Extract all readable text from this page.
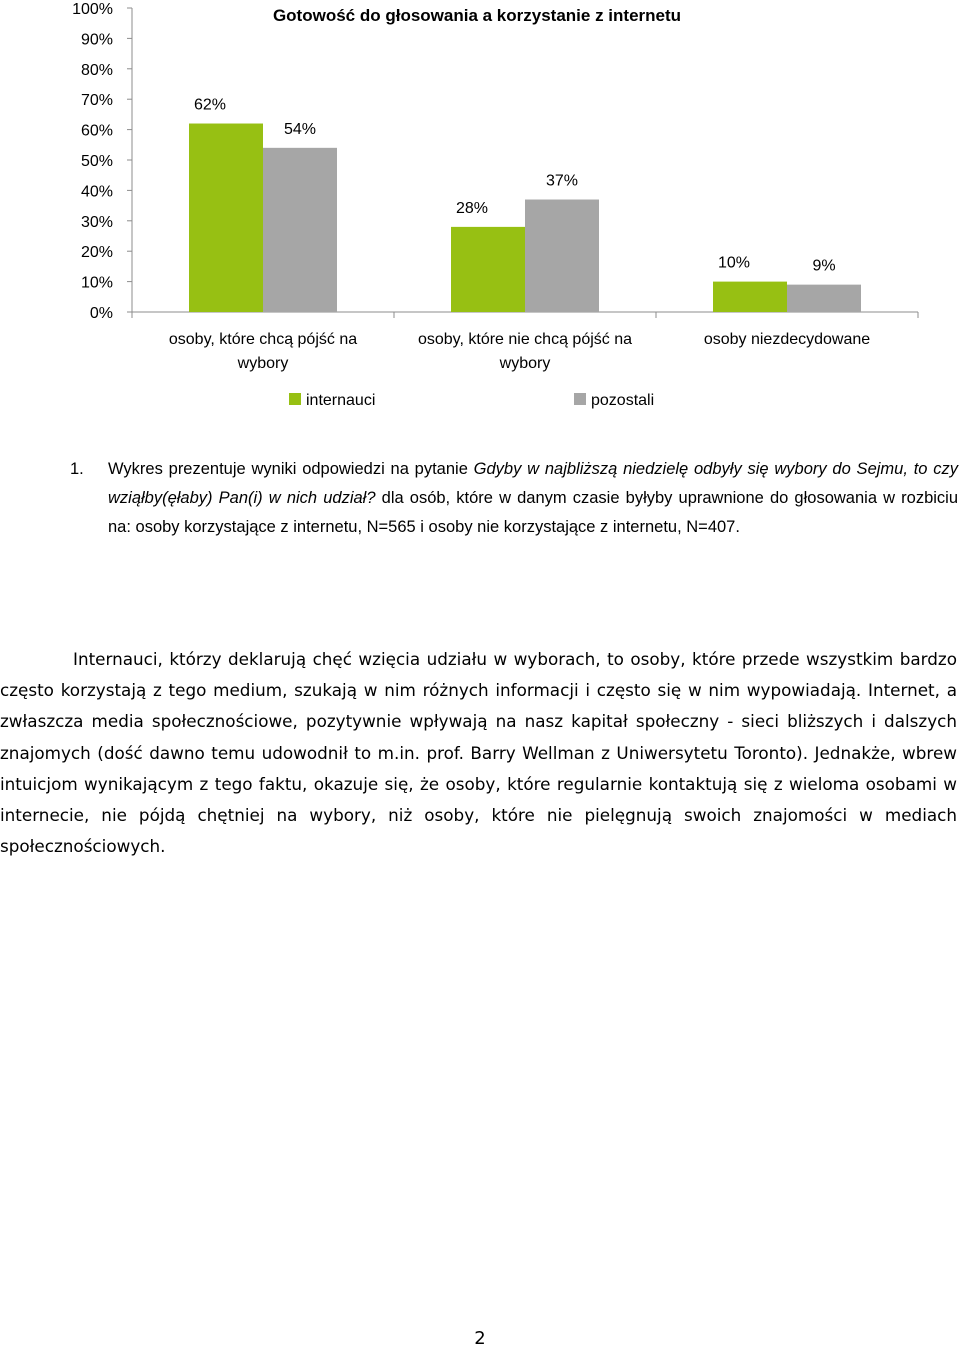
Gotowość do głosowania a korzystanie z internetu
0%
10%
20%
30%
40%
50%
60%
70%
80%
90%
100%
62%
54%
28%
37%
10%	9%
osoby, które chcą pójść na wybory
osoby, które nie chcą pójść na wybory
osoby niezdecydowane
internauci	pozostali
1. Wykres prezentuje wyniki odpowiedzi na pytanie Gdyby w najbliższą niedzielę odbyły się wybory do Sejmu, to czy wziąłby(ęłaby) Pan(i) w nich udział? dla osób, które w danym czasie byłyby uprawnione do głosowania w rozbiciu na: osoby korzystające z internetu, N=565 i osoby nie korzystające z internetu, N=407.

Internauci, którzy deklarują chęć wzięcia udziału w wyborach, to osoby, które przede wszystkim bardzo często korzystają z tego medium, szukają w nim różnych informacji i często się w nim wypowiadają. Internet, a zwłaszcza media społecznościowe, pozytywnie wpływają na nasz kapitał społeczny - sieci bliższych i dalszych znajomych (dość dawno temu udowodnił to m.in. prof. Barry Wellman z Uniwersytetu Toronto). Jednakże, wbrew intuicjom wynikającym z tego faktu, okazuje się, że osoby, które regularnie kontaktują się z wieloma osobami w internecie, nie pójdą chętniej na wybory, niż osoby, które nie pielęgnują swoich znajomości w mediach społecznościowych.

2
